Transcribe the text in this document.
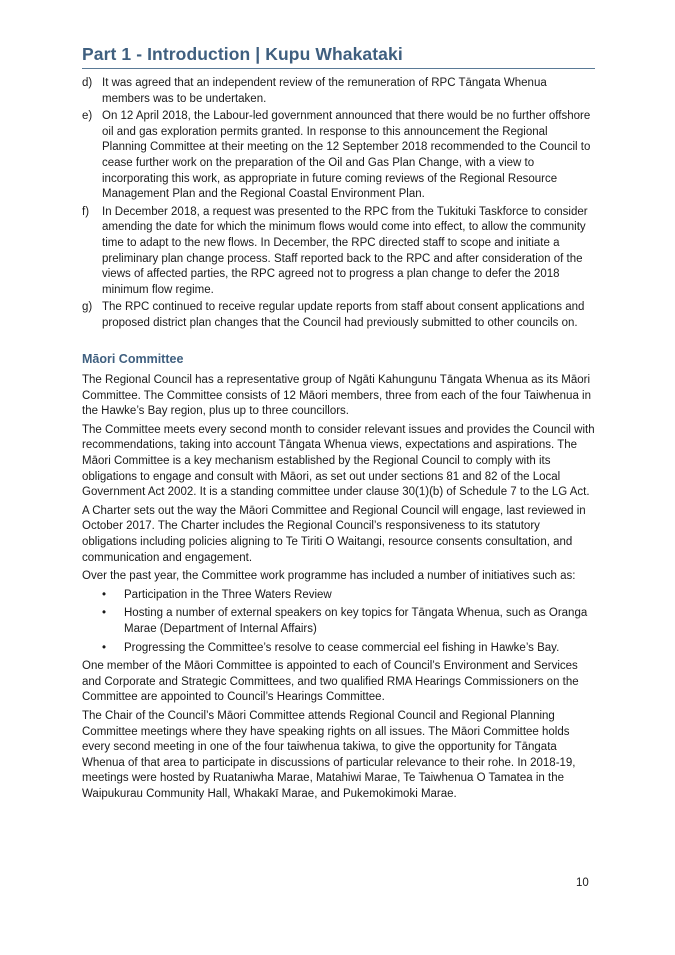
Part 1 - Introduction | Kupu Whakataki
d) It was agreed that an independent review of the remuneration of RPC Tāngata Whenua members was to be undertaken.
e) On 12 April 2018, the Labour-led government announced that there would be no further offshore oil and gas exploration permits granted. In response to this announcement the Regional Planning Committee at their meeting on the 12 September 2018 recommended to the Council to cease further work on the preparation of the Oil and Gas Plan Change, with a view to incorporating this work, as appropriate in future coming reviews of the Regional Resource Management Plan and the Regional Coastal Environment Plan.
f) In December 2018, a request was presented to the RPC from the Tukituki Taskforce to consider amending the date for which the minimum flows would come into effect, to allow the community time to adapt to the new flows. In December, the RPC directed staff to scope and initiate a preliminary plan change process. Staff reported back to the RPC and after consideration of the views of affected parties, the RPC agreed not to progress a plan change to defer the 2018 minimum flow regime.
g) The RPC continued to receive regular update reports from staff about consent applications and proposed district plan changes that the Council had previously submitted to other councils on.
Māori Committee

The Regional Council has a representative group of Ngāti Kahungunu Tāngata Whenua as its Māori Committee. The Committee consists of 12 Māori members, three from each of the four Taiwhenua in the Hawke’s Bay region, plus up to three councillors.

The Committee meets every second month to consider relevant issues and provides the Council with recommendations, taking into account Tāngata Whenua views, expectations and aspirations. The Māori Committee is a key mechanism established by the Regional Council to comply with its obligations to engage and consult with Māori, as set out under sections 81 and 82 of the Local Government Act 2002. It is a standing committee under clause 30(1)(b) of Schedule 7 to the LG Act.

A Charter sets out the way the Māori Committee and Regional Council will engage, last reviewed in October 2017. The Charter includes the Regional Council’s responsiveness to its statutory obligations including policies aligning to Te Tiriti O Waitangi, resource consents consultation, and communication and engagement.

Over the past year, the Committee work programme has included a number of initiatives such as:

• Participation in the Three Waters Review
• Hosting a number of external speakers on key topics for Tāngata Whenua, such as Oranga Marae (Department of Internal Affairs)
• Progressing the Committee’s resolve to cease commercial eel fishing in Hawke’s Bay.

One member of the Māori Committee is appointed to each of Council’s Environment and Services and Corporate and Strategic Committees, and two qualified RMA Hearings Commissioners on the Committee are appointed to Council’s Hearings Committee.

The Chair of the Council’s Māori Committee attends Regional Council and Regional Planning Committee meetings where they have speaking rights on all issues. The Māori Committee holds every second meeting in one of the four taiwhenua takiwa, to give the opportunity for Tāngata Whenua of that area to participate in discussions of particular relevance to their rohe. In 2018-19, meetings were hosted by Ruataniwha Marae, Matahiwi Marae, Te Taiwhenua O Tamatea in the Waipukurau Community Hall, Whakakī Marae, and Pukemokimoki Marae.

10
